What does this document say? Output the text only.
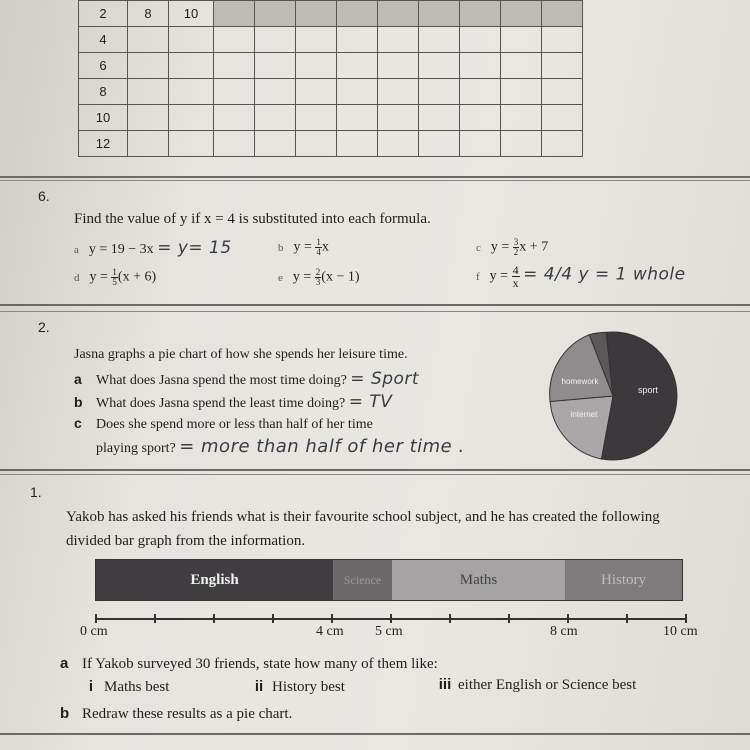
2	8	10									
4											
6											
8											
10											
12											
6.
Find the value of y if x = 4 is substituted into each formula.
a y = 19 − 3x = y= 15	b $y = \frac{1}{4}$ x	c $y = \frac{3}{2}$ x + 7
d $y = \frac{1}{5} (x + 6)$	e $y = \frac{2}{3} (x - 1)$	f $y = \frac{4}{x} = 4/4$ y = 1 whole
2.
Jasna graphs a pie chart of how she spends her leisure time.
a What does Jasna spend the most time doing? = Sport
b What does Jasna spend the least time doing? = TV
c Does she spend more or less than half of her time
playing sport? = more than half of her time .
sport
homework
internet
1.
Yakob has asked his friends what is their favourite school subject, and he has created the following
divided bar graph from the information.
English	Science	Maths	History
0 cm	4 cm 5 cm	8 cm	10 cm
a If Yakob surveyed 30 friends, state how many of them like:
i Maths best	ii History best	iii either English or Science best
b Redraw these results as a pie chart.
